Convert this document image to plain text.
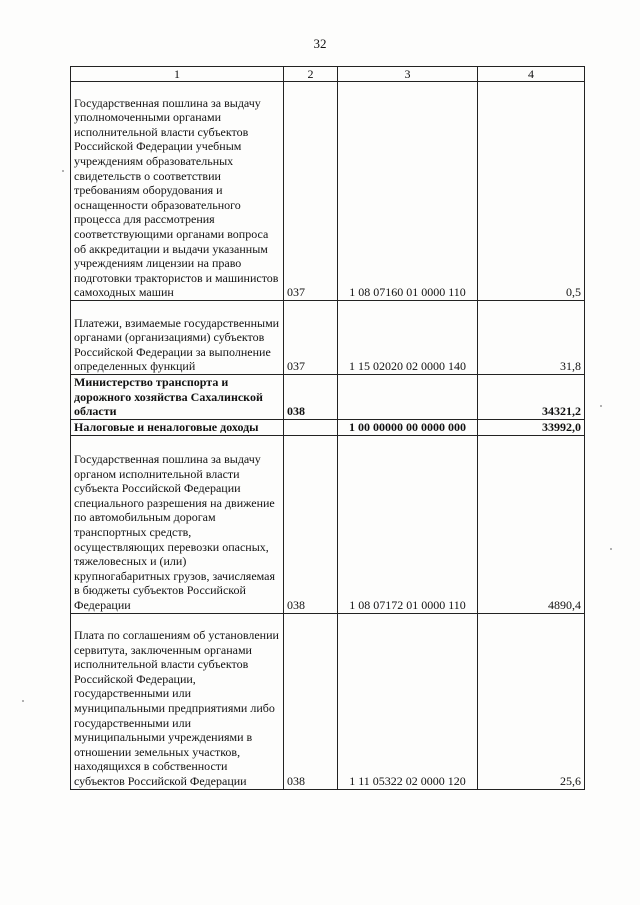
32
1	2	3	4
Государственная пошлина за выдачу уполномоченными органами исполнительной власти субъектов Российской Федерации учебным учреждениям образовательных свидетельств о соответствии требованиям оборудования и оснащенности образовательного процесса для рассмотрения соответствующими органами вопроса об аккредитации и выдачи указанным учреждениям лицензии на право подготовки трактористов и машинистов самоходных машин	037	1 08 07160 01 0000 110	0,5
Платежи, взимаемые государственными органами (организациями) субъектов Российской Федерации за выполнение определенных функций	037	1 15 02020 02 0000 140	31,8
Министерство транспорта и дорожного хозяйства Сахалинской области	038		34321,2
Налоговые и неналоговые доходы		1 00 00000 00 0000 000	33992,0
Государственная пошлина за выдачу органом исполнительной власти субъекта Российской Федерации специального разрешения на движение по автомобильным дорогам транспортных средств, осуществляющих перевозки опасных, тяжеловесных и (или) крупногабаритных грузов, зачисляемая в бюджеты субъектов Российской Федерации	038	1 08 07172 01 0000 110	4890,4
Плата по соглашениям об установлении сервитута, заключенным органами исполнительной власти субъектов Российской Федерации, государственными или муниципальными предприятиями либо государственными или муниципальными учреждениями в отношении земельных участков, находящихся в собственности субъектов Российской Федерации	038	1 11 05322 02 0000 120	25,6
